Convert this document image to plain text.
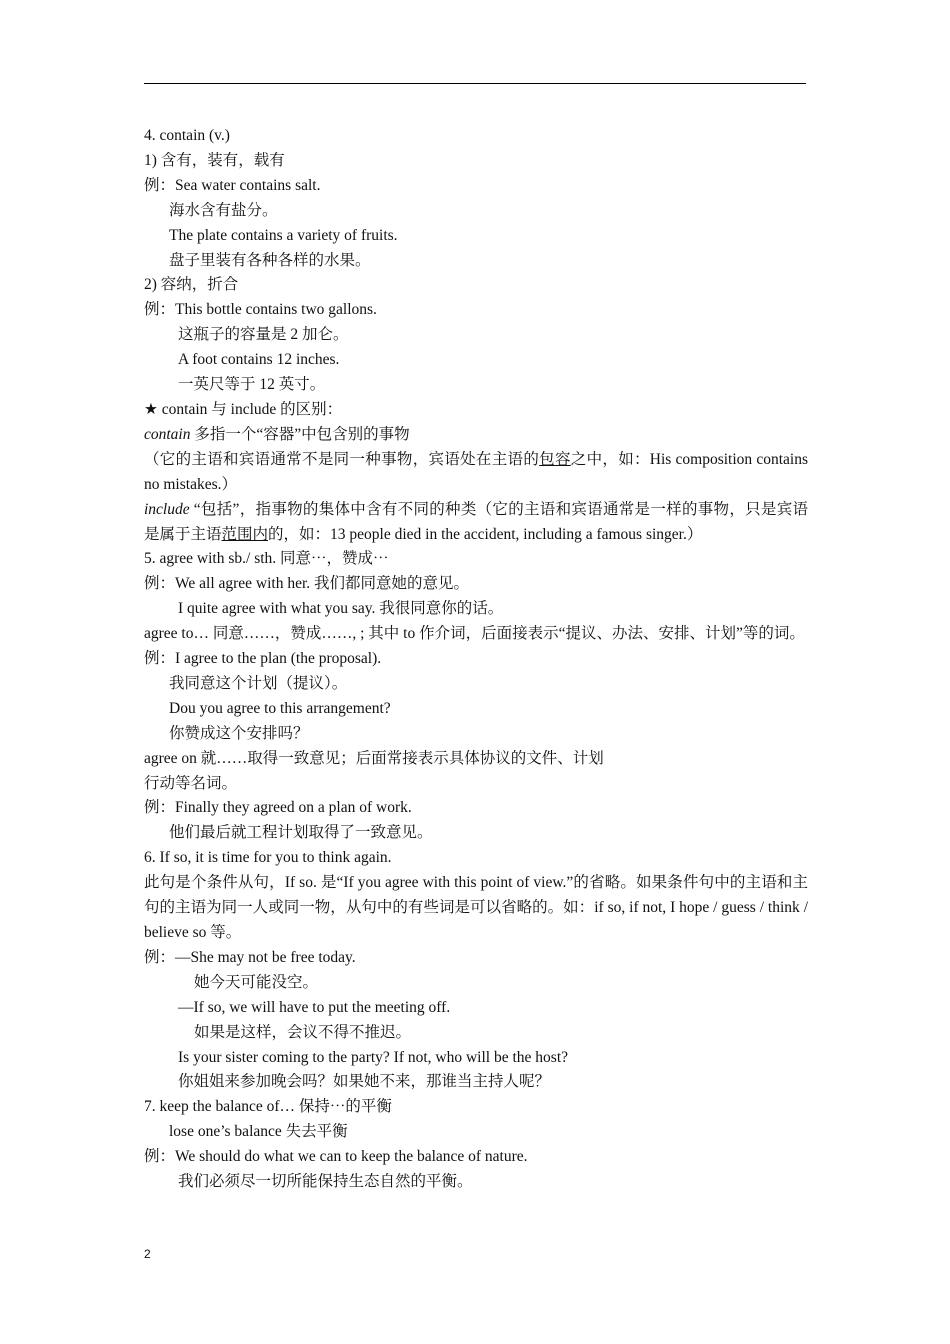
4. contain (v.)
1) 含有，装有，载有
例：Sea water contains salt.
海水含有盐分。
The plate contains a variety of fruits.
盘子里装有各种各样的水果。
2) 容纳，折合
例：This bottle contains two gallons.
这瓶子的容量是 2 加仑。
A foot contains 12 inches.
一英尺等于 12 英寸。
★ contain 与 include 的区别：
contain 多指一个“容器”中包含别的事物
（它的主语和宾语通常不是同一种事物，宾语处在主语的包容之中，如：His composition contains no mistakes.）
include “包括”，指事物的集体中含有不同的种类（它的主语和宾语通常是一样的事物，只是宾语是属于主语范围内的，如：13 people died in the accident, including a famous singer.）
5. agree with sb./ sth. 同意⋯，赞成⋯
例：We all agree with her. 我们都同意她的意见。
I quite agree with what you say. 我很同意你的话。
agree to… 同意……，赞成……, ; 其中 to 作介词，后面接表示“提议、办法、安排、计划”等的词。
例：I agree to the plan (the proposal).
我同意这个计划（提议）。
Dou you agree to this arrangement?
你赞成这个安排吗？
agree on 就……取得一致意见；后面常接表示具体协议的文件、计划
行动等名词。
例：Finally they agreed on a plan of work.
他们最后就工程计划取得了一致意见。
6. If so, it is time for you to think again.
此句是个条件从句，If so. 是“If you agree with this point of view.”的省略。如果条件句中的主语和主句的主语为同一人或同一物，从句中的有些词是可以省略的。如：if so, if not, I hope / guess / think / believe so 等。
例：—She may not be free today.
她今天可能没空。
—If so, we will have to put the meeting off.
如果是这样，会议不得不推迟。
Is your sister coming to the party? If not, who will be the host?
你姐姐来参加晚会吗？如果她不来，那谁当主持人呢？
7. keep the balance of… 保持⋯的平衡
lose one’s balance 失去平衡
例：We should do what we can to keep the balance of nature.
我们必须尽一切所能保持生态自然的平衡。
2
